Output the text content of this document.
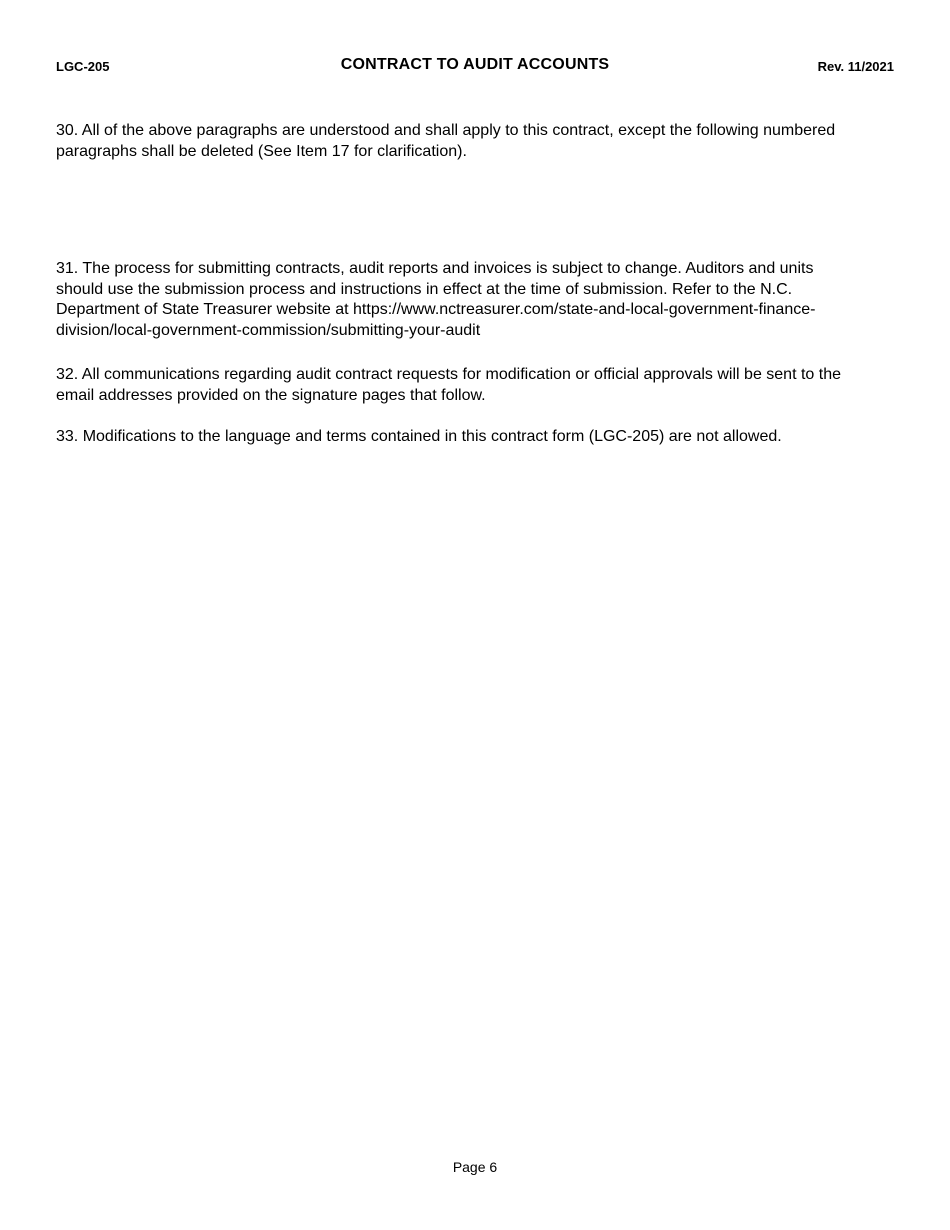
LGC-205	CONTRACT TO AUDIT ACCOUNTS	Rev. 11/2021

30. All of the above paragraphs are understood and shall apply to this contract, except the following numbered paragraphs shall be deleted (See Item 17 for clarification).

31. The process for submitting contracts, audit reports and invoices is subject to change. Auditors and units should use the submission process and instructions in effect at the time of submission. Refer to the N.C. Department of State Treasurer website at https://www.nctreasurer.com/state-and-local-government-finance-division/local-government-commission/submitting-your-audit

32. All communications regarding audit contract requests for modification or official approvals will be sent to the email addresses provided on the signature pages that follow.

33. Modifications to the language and terms contained in this contract form (LGC-205) are not allowed.

Page 6
